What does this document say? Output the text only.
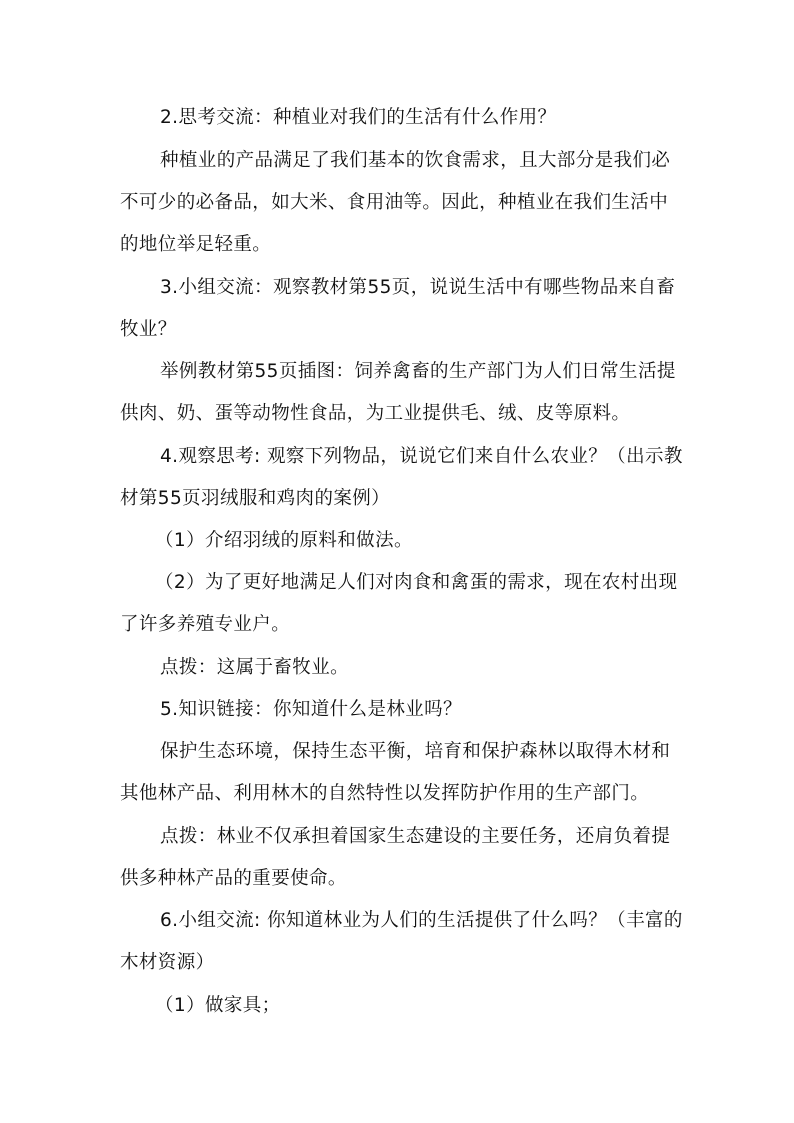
2.思考交流：种植业对我们的生活有什么作用？
种植业的产品满足了我们基本的饮食需求，且大部分是我们必
不可少的必备品，如大米、食用油等。因此，种植业在我们生活中
的地位举足轻重。
3.小组交流：观察教材第55页，说说生活中有哪些物品来自畜
牧业？
举例教材第55页插图：饲养禽畜的生产部门为人们日常生活提
供肉、奶、蛋等动物性食品，为工业提供毛、绒、皮等原料。
4.观察思考: 观察下列物品，说说它们来自什么农业？（出示教
材第55页羽绒服和鸡肉的案例）
（1）介绍羽绒的原料和做法。
（2）为了更好地满足人们对肉食和禽蛋的需求，现在农村出现
了许多养殖专业户。
点拨：这属于畜牧业。
5.知识链接：你知道什么是林业吗？
保护生态环境，保持生态平衡，培育和保护森林以取得木材和
其他林产品、利用林木的自然特性以发挥防护作用的生产部门。
点拨：林业不仅承担着国家生态建设的主要任务，还肩负着提
供多种林产品的重要使命。
6.小组交流: 你知道林业为人们的生活提供了什么吗？（丰富的
木材资源）
（1）做家具；
